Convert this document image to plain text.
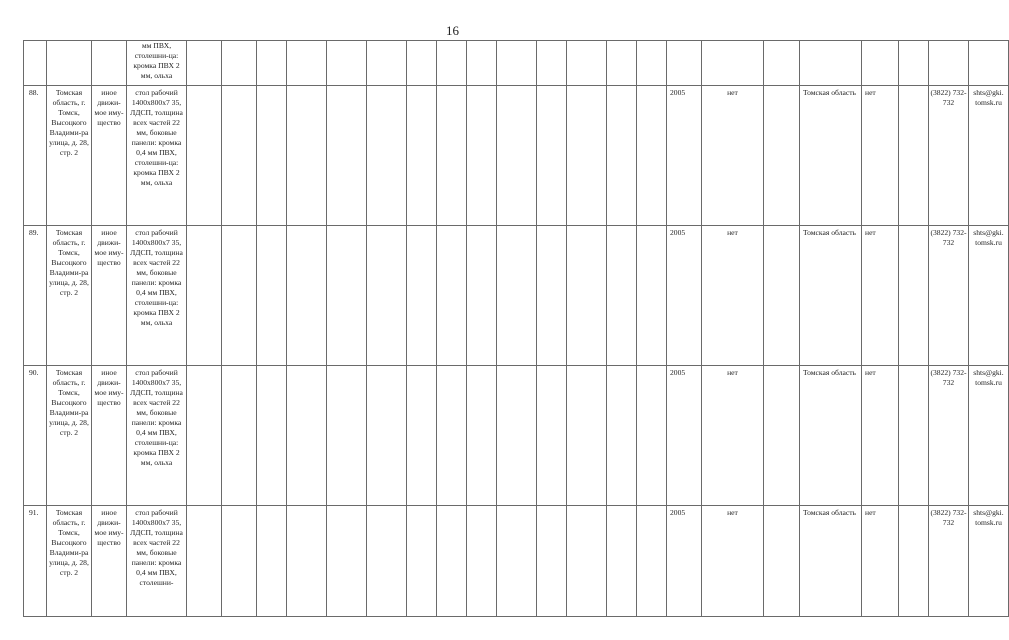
16

			мм ПВХ, столешни-ца: кромка ПВХ 2 мм, ольха																						

88.	Томская область, г. Томск, Высоцкого Владими-ра улица, д. 28, стр. 2	иное движи-мое иму-щество	стол рабочий 1400х800х7 35, ЛДСП, толщина всех частей 22 мм, боковые панели: кромка 0,4 мм ПВХ, столешни-ца: кромка ПВХ 2 мм, ольха															2005	нет		Томская область	нет		(3822) 732-732	shts@gki. tomsk.ru
89.	Томская область, г. Томск, Высоцкого Владими-ра улица, д. 28, стр. 2	иное движи-мое иму-щество	стол рабочий 1400х800х7 35, ЛДСП, толщина всех частей 22 мм, боковые панели: кромка 0,4 мм ПВХ, столешни-ца: кромка ПВХ 2 мм, ольха															2005	нет		Томская область	нет		(3822) 732-732	shts@gki. tomsk.ru
90.	Томская область, г. Томск, Высоцкого Владими-ра улица, д. 28, стр. 2	иное движи-мое иму-щество	стол рабочий 1400х800х7 35, ЛДСП, толщина всех частей 22 мм, боковые панели: кромка 0,4 мм ПВХ, столешни-ца: кромка ПВХ 2 мм, ольха															2005	нет		Томская область	нет		(3822) 732-732	shts@gki. tomsk.ru
91.	Томская область, г. Томск, Высоцкого Владими-ра улица, д. 28, стр. 2	иное движи-мое иму-щество	стол рабочий 1400х800х7 35, ЛДСП, толщина всех частей 22 мм, боковые панели: кромка 0,4 мм ПВХ, столешни-															2005	нет		Томская область	нет		(3822) 732-732	shts@gki. tomsk.ru
